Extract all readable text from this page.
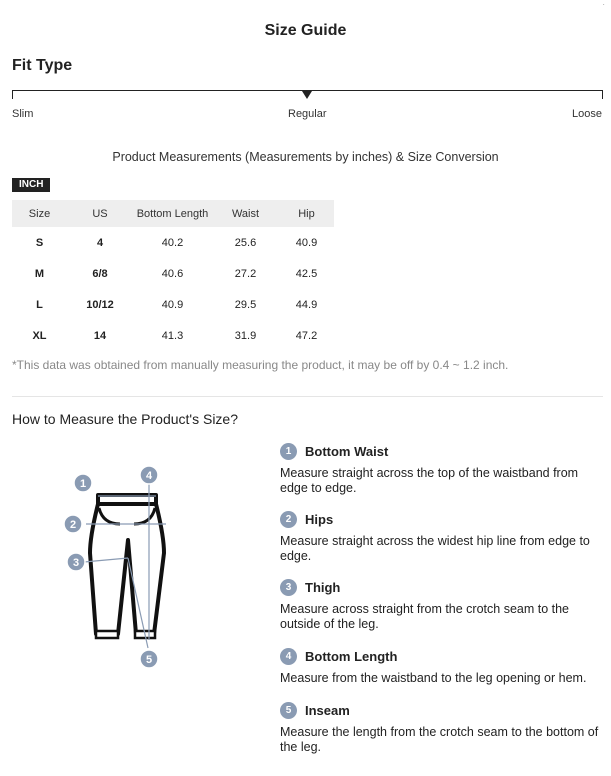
·
Size Guide
Fit Type
Slim	Regular	Loose
Product Measurements (Measurements by inches) & Size Conversion
INCH
Size	US	Bottom Length	Waist	Hip
S	4	40.2	25.6	40.9
M	6/8	40.6	27.2	42.5
L	10/12	40.9	29.5	44.9
XL	14	41.3	31.9	47.2
*This data was obtained from manually measuring the product, it may be off by 0.4 ~ 1.2 inch.
How to Measure the Product's Size?
1
2
3
4
5
1	Bottom Waist
Measure straight across the top of the waistband from edge to edge.
2	Hips
Measure straight across the widest hip line from edge to edge.
3	Thigh
Measure across straight from the crotch seam to the outside of the leg.
4	Bottom Length
Measure from the waistband to the leg opening or hem.
5	Inseam
Measure the length from the crotch seam to the bottom of the leg.
